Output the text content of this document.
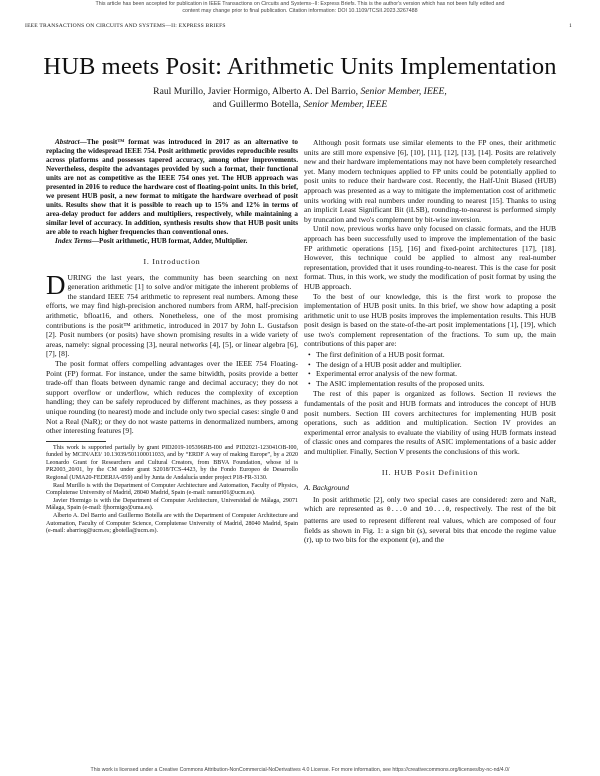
This article has been accepted for publication in IEEE Transactions on Circuits and Systems--II: Express Briefs. This is the author's version which has not been fully edited and
content may change prior to final publication. Citation information: DOI 10.1109/TCSII.2023.3267488
IEEE TRANSACTIONS ON CIRCUITS AND SYSTEMS—II: EXPRESS BRIEFS	1
HUB meets Posit: Arithmetic Units Implementation
Raul Murillo, Javier Hormigo, Alberto A. Del Barrio, Senior Member, IEEE,
and Guillermo Botella, Senior Member, IEEE

Abstract—The posit™ format was introduced in 2017 as an alternative to replacing the widespread IEEE 754. Posit arithmetic provides reproducible results across platforms and possesses tapered accuracy, among other improvements. Nevertheless, despite the advantages provided by such a format, their functional units are not as competitive as the IEEE 754 ones yet. The HUB approach was presented in 2016 to reduce the hardware cost of floating-point units. In this brief, we present HUB posit, a new format to mitigate the hardware overhead of posit units. Results show that it is possible to reach up to 15% and 12% in terms of area-delay product for adders and multipliers, respectively, while maintaining a similar level of accuracy. In addition, synthesis results show that HUB posit units are able to reach higher frequencies than conventional ones.

Index Terms—Posit arithmetic, HUB format, Adder, Multiplier.

I. Introduction

DURING the last years, the community has been searching on next generation arithmetic [1] to solve and/or mitigate the inherent problems of the standard IEEE 754 arithmetic to represent real numbers. Among these efforts, we may find high-precision anchored numbers from ARM, half-precision arithmetic, bfloat16, and others. Nonetheless, one of the most promising contributions is the posit™ arithmetic, introduced in 2017 by John L. Gustafson [2]. Posit numbers (or posits) have shown promising results in a wide variety of areas, namely: signal processing [3], neural networks [4], [5], or linear algebra [6], [7], [8].

The posit format offers compelling advantages over the IEEE 754 Floating-Point (FP) format. For instance, under the same bitwidth, posits provide a better trade-off than floats between dynamic range and decimal accuracy; they do not support overflow or underflow, which reduces the complexity of exception handling; they can be safely reproduced by different machines, as they possess a unique rounding (to nearest) mode and include only two special cases: single 0 and Not a Real (NaR); or they do not waste patterns in denormalized numbers, among other interesting features [9].

This work is supported partially by grant PID2019-105396RB-I00 and PID2021-123041OB-I00, funded by MCIN/AEI/ 10.13039/501100011033, and by “ERDF A way of making Europe”, by a 2020 Leonardo Grant for Researchers and Cultural Creators, from BBVA Foundation, whose id is PR2003_20/01, by the CM under grant S2018/TCS-4423, by the Fondo Europeo de Desarrollo Regional (UMA20-FEDERJA-059) and by Junta de Andalucía under project P18-FR-3130.

Raul Murillo is with the Department of Computer Architecture and Automation, Faculty of Physics, Complutense University of Madrid, 28040 Madrid, Spain (e-mail: ramuri01@ucm.es).

Javier Hormigo is with the Department of Computer Architecture, Universidad de Málaga, 29071 Málaga, Spain (e-mail: fjhormigo@uma.es).

Alberto A. Del Barrio and Guillermo Botella are with the Department of Computer Architecture and Automation, Faculty of Computer Science, Complutense University of Madrid, 28040 Madrid, Spain (e-mail: abarriog@ucm.es; gbotella@ucm.es).

Although posit formats use similar elements to the FP ones, their arithmetic units are still more expensive [6], [10], [11], [12], [13], [14]. Posits are relatively new and their hardware implementations may not have been completely researched yet. Many modern techniques applied to FP units could be potentially applied to posit units to reduce their hardware cost. Recently, the Half-Unit Biased (HUB) approach was presented as a way to mitigate the implementation cost of arithmetic units working with real numbers under rounding to nearest [15]. Thanks to using an implicit Least Significant Bit (iLSB), rounding-to-nearest is performed simply by truncation and two's complement by bit-wise inversion.

Until now, previous works have only focused on classic formats, and the HUB approach has been successfully used to improve the implementation of the basic FP arithmetic operations [15], [16] and fixed-point architectures [17], [18]. However, this technique could be applied to almost any real-number representation, provided that it uses rounding-to-nearest. This is the case for posit format. Thus, in this work, we study the modification of posit format by using the HUB approach.

To the best of our knowledge, this is the first work to propose the implementation of HUB posit units. In this brief, we show how adapting a posit arithmetic unit to use HUB posits improves the implementation results. This HUB posit design is based on the state-of-the-art posit implementations [1], [19], which use two's complement representation of the fractions. To sum up, the main contributions of this paper are:

• The first definition of a HUB posit format.
• The design of a HUB posit adder and multiplier.
• Experimental error analysis of the new format.
• The ASIC implementation results of the proposed units.

The rest of this paper is organized as follows. Section II reviews the fundamentals of the posit and HUB formats and introduces the concept of HUB posit numbers. Section III covers architectures for implementing HUB posit operations, such as addition and multiplication. Section IV provides an experimental error analysis to evaluate the viability of using HUB formats instead of classic ones and compares the results of ASIC implementations of a basic adder and multiplier. Finally, Section V presents the conclusions of this work.

II. HUB Posit Definition
A. Background

In posit arithmetic [2], only two special cases are considered: zero and NaR, which are represented as 0...0 and 10...0, respectively. The rest of the bit patterns are used to represent different real values, which are composed of four fields as shown in Fig. 1: a sign bit (s), several bits that encode the regime value (r), up to two bits for the exponent (e), and the

This work is licensed under a Creative Commons Attribution-NonCommercial-NoDerivatives 4.0 License. For more information, see https://creativecommons.org/licenses/by-nc-nd/4.0/
